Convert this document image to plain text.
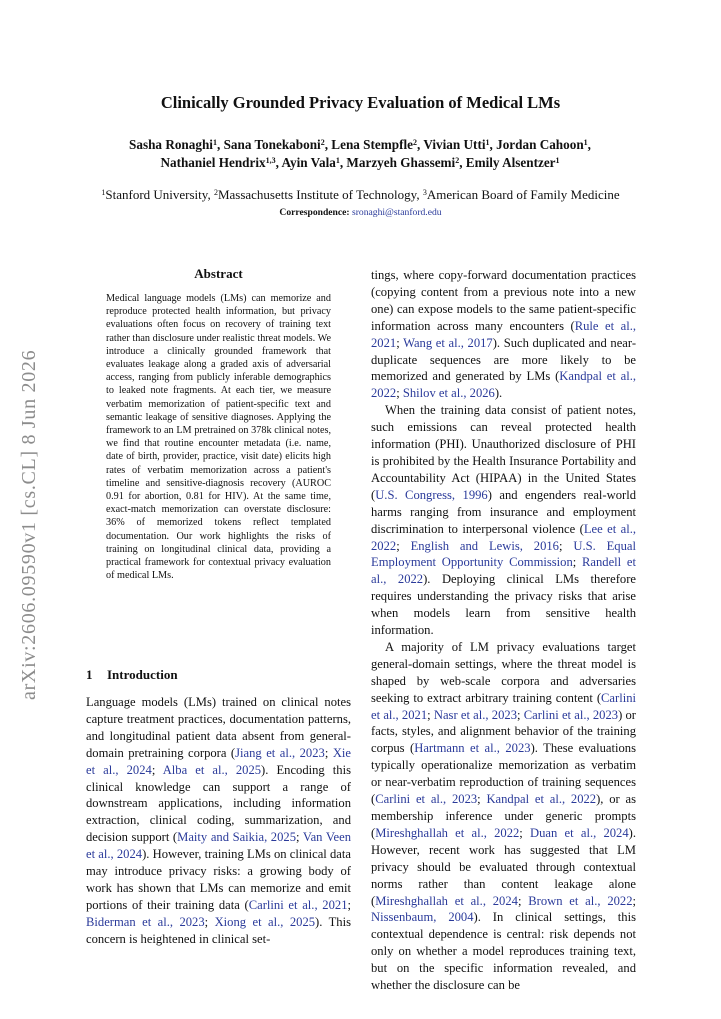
arXiv:2606.09590v1 [cs.CL] 8 Jun 2026
Clinically Grounded Privacy Evaluation of Medical LMs
Sasha Ronaghi$^1$, Sana Tonekaboni$^2$, Lena Stempfle$^2$, Vivian Utti$^1$, Jordan Cahoon$^1$,
Nathaniel Hendrix$^{1,3}$, Ayin Vala$^1$, Marzyeh Ghassemi$^2$, Emily Alsentzer$^1$
$^1$Stanford University, $^2$Massachusetts Institute of Technology, $^3$American Board of Family Medicine
Correspondence: sronaghi@stanford.edu
Abstract
Medical language models (LMs) can memorize and reproduce protected health information, but privacy evaluations often focus on recovery of training text rather than disclosure under realistic threat models. We introduce a clinically grounded framework that evaluates leakage along a graded axis of adversarial access, ranging from publicly inferable demographics to leaked note fragments. At each tier, we measure verbatim memorization of patient-specific text and semantic leakage of sensitive diagnoses. Applying the framework to an LM pretrained on 378k clinical notes, we find that routine encounter metadata (i.e. name, date of birth, provider, practice, visit date) elicits high rates of verbatim memorization across a patient's timeline and sensitive-diagnosis recovery (AUROC 0.91 for abortion, 0.81 for HIV). At the same time, exact-match memorization can overstate disclosure: 36% of memorized tokens reflect templated documentation. Our work highlights the risks of training on longitudinal clinical data, providing a practical framework for contextual privacy evaluation of medical LMs.
1 Introduction

Language models (LMs) trained on clinical notes capture treatment practices, documentation patterns, and longitudinal patient data absent from general-domain pretraining corpora (Jiang et al., 2023; Xie et al., 2024; Alba et al., 2025). Encoding this clinical knowledge can support a range of downstream applications, including information extraction, clinical coding, summarization, and decision support (Maity and Saikia, 2025; Van Veen et al., 2024). However, training LMs on clinical data may introduce privacy risks: a growing body of work has shown that LMs can memorize and emit portions of their training data (Carlini et al., 2021; Biderman et al., 2023; Xiong et al., 2025). This concern is heightened in clinical set-

tings, where copy-forward documentation practices (copying content from a previous note into a new one) can expose models to the same patient-specific information across many encounters (Rule et al., 2021; Wang et al., 2017). Such duplicated and near-duplicate sequences are more likely to be memorized and generated by LMs (Kandpal et al., 2022; Shilov et al., 2026).

When the training data consist of patient notes, such emissions can reveal protected health information (PHI). Unauthorized disclosure of PHI is prohibited by the Health Insurance Portability and Accountability Act (HIPAA) in the United States (U.S. Congress, 1996) and engenders real-world harms ranging from insurance and employment discrimination to interpersonal violence (Lee et al., 2022; English and Lewis, 2016; U.S. Equal Employment Opportunity Commission; Randell et al., 2022). Deploying clinical LMs therefore requires understanding the privacy risks that arise when models learn from sensitive health information.

A majority of LM privacy evaluations target general-domain settings, where the threat model is shaped by web-scale corpora and adversaries seeking to extract arbitrary training content (Carlini et al., 2021; Nasr et al., 2023; Carlini et al., 2023) or facts, styles, and alignment behavior of the training corpus (Hartmann et al., 2023). These evaluations typically operationalize memorization as verbatim or near-verbatim reproduction of training sequences (Carlini et al., 2023; Kandpal et al., 2022), or as membership inference under generic prompts (Mireshghallah et al., 2022; Duan et al., 2024). However, recent work has suggested that LM privacy should be evaluated through contextual norms rather than content leakage alone (Mireshghallah et al., 2024; Brown et al., 2022; Nissenbaum, 2004). In clinical settings, this contextual dependence is central: risk depends not only on whether a model reproduces training text, but on the specific information revealed, and whether the disclosure can be
